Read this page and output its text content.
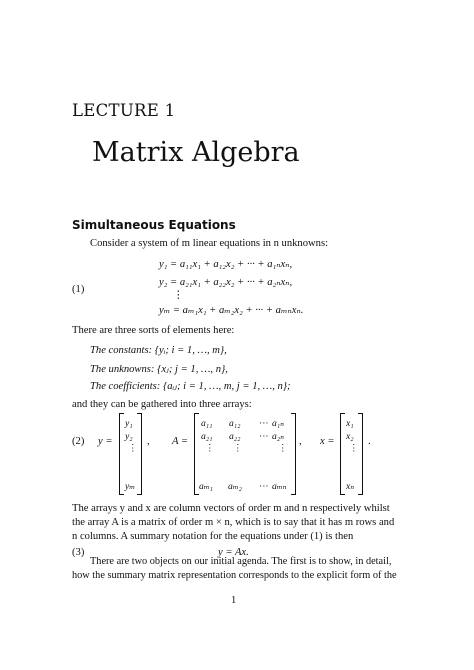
LECTURE 1
Matrix Algebra
Simultaneous Equations
Consider a system of m linear equations in n unknowns:
(1)
y₁ = a₁₁x₁ + a₁₂x₂ + ··· + a₁ₙxₙ,
y₂ = a₂₁x₁ + a₂₂x₂ + ··· + a₂ₙxₙ,
⋮
yₘ = aₘ₁x₁ + aₘ₂x₂ + ··· + aₘₙxₙ.
There are three sorts of elements here:
The constants: {yᵢ; i = 1, …, m},
The unknowns: {xⱼ; j = 1, …, n},
The coefficients: {aᵢⱼ; i = 1, …, m, j = 1, …, n};
and they can be gathered into three arrays:
(2) y =
y₁
y₂
⋮
yₘ
, A =
a₁₁ a₁₂ ··· a₁ₙ
a₂₁ a₂₂ ··· a₂ₙ
⋮ ⋮	⋮
aₘ₁ aₘ₂ ··· aₘₙ
, x =
x₁
x₂
⋮
xₙ
.
The arrays y and x are column vectors of order m and n respectively whilst
the array A is a matrix of order m × n, which is to say that it has m rows and
n columns. A summary notation for the equations under (1) is then
(3)	y = Ax.
There are two objects on our initial agenda. The first is to show, in detail,
1
how the summary matrix representation corresponds to the explicit form of the
